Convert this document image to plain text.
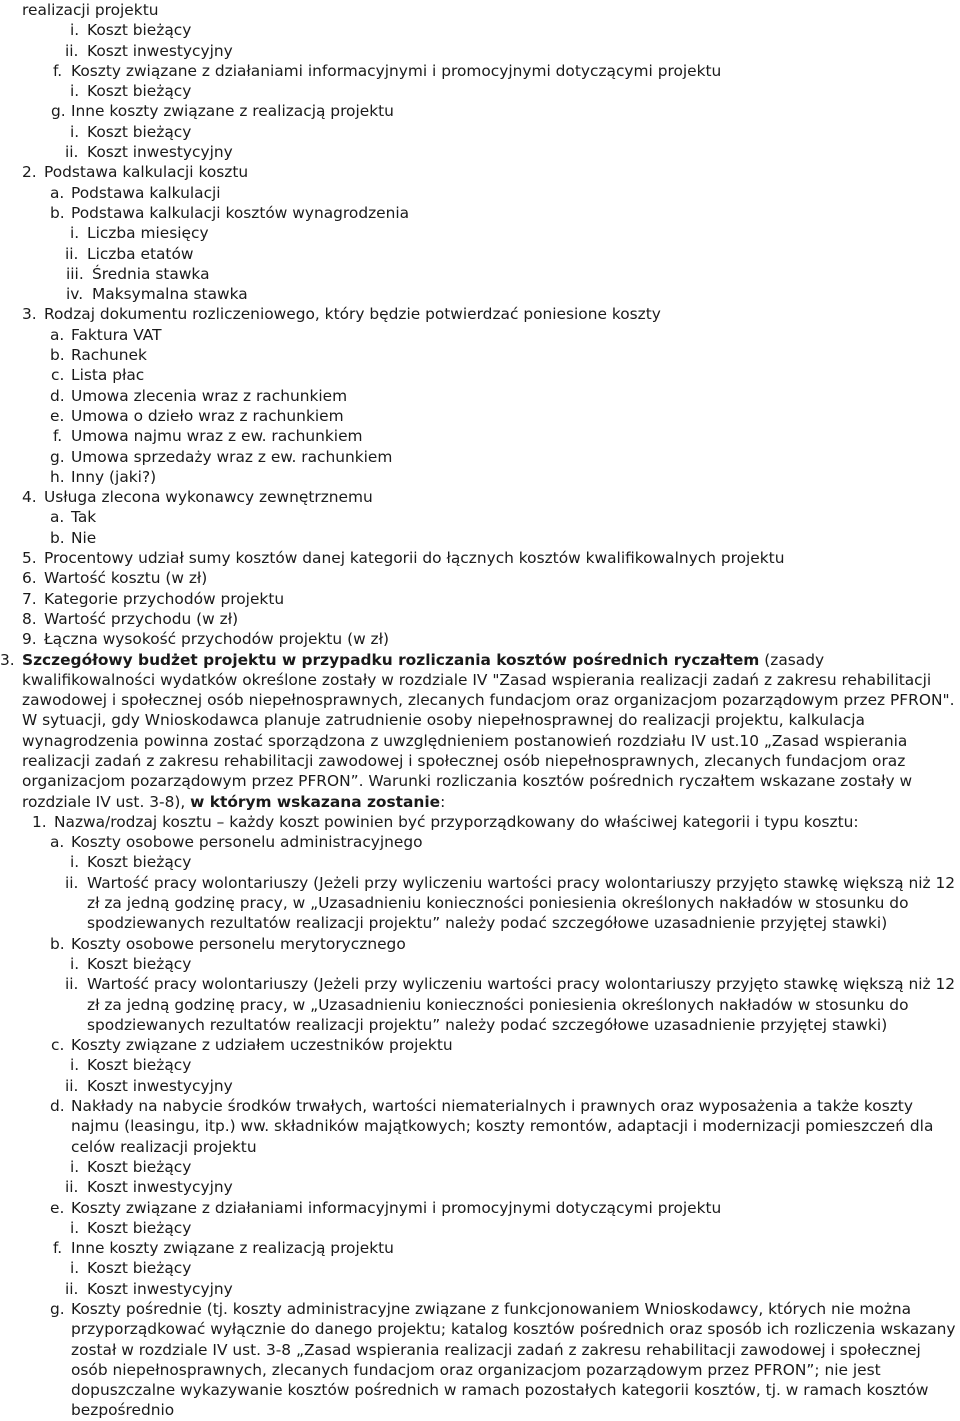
realizacji projektu
i. Koszt bieżący
ii. Koszt inwestycyjny
f. Koszty związane z działaniami informacyjnymi i promocyjnymi dotyczącymi projektu
i. Koszt bieżący
g. Inne koszty związane z realizacją projektu
i. Koszt bieżący
ii. Koszt inwestycyjny
2. Podstawa kalkulacji kosztu
a. Podstawa kalkulacji
b. Podstawa kalkulacji kosztów wynagrodzenia
i. Liczba miesięcy
ii. Liczba etatów
iii. Średnia stawka
iv. Maksymalna stawka
3. Rodzaj dokumentu rozliczeniowego, który będzie potwierdzać poniesione koszty
a. Faktura VAT
b. Rachunek
c. Lista płac
d. Umowa zlecenia wraz z rachunkiem
e. Umowa o dzieło wraz z rachunkiem
f. Umowa najmu wraz z ew. rachunkiem
g. Umowa sprzedaży wraz z ew. rachunkiem
h. Inny (jaki?)
4. Usługa zlecona wykonawcy zewnętrznemu
a. Tak
b. Nie
5. Procentowy udział sumy kosztów danej kategorii do łącznych kosztów kwalifikowalnych projektu
6. Wartość kosztu (w zł)
7. Kategorie przychodów projektu
8. Wartość przychodu (w zł)
9. Łączna wysokość przychodów projektu (w zł)
3. Szczegółowy budżet projektu w przypadku rozliczania kosztów pośrednich ryczałtem (zasady kwalifikowalności wydatków określone zostały w rozdziale IV "Zasad wspierania realizacji zadań z zakresu rehabilitacji zawodowej i społecznej osób niepełnosprawnych, zlecanych fundacjom oraz organizacjom pozarządowym przez PFRON". W sytuacji, gdy Wnioskodawca planuje zatrudnienie osoby niepełnosprawnej do realizacji projektu, kalkulacja wynagrodzenia powinna zostać sporządzona z uwzględnieniem postanowień rozdziału IV ust.10 „Zasad wspierania realizacji zadań z zakresu rehabilitacji zawodowej i społecznej osób niepełnosprawnych, zlecanych fundacjom oraz organizacjom pozarządowym przez PFRON”. Warunki rozliczania kosztów pośrednich ryczałtem wskazane zostały w rozdziale IV ust. 3-8), w którym wskazana zostanie:
1. Nazwa/rodzaj kosztu – każdy koszt powinien być przyporządkowany do właściwej kategorii i typu kosztu:
a. Koszty osobowe personelu administracyjnego
i. Koszt bieżący
ii. Wartość pracy wolontariuszy (Jeżeli przy wyliczeniu wartości pracy wolontariuszy przyjęto stawkę większą niż 12 zł za jedną godzinę pracy, w „Uzasadnieniu konieczności poniesienia określonych nakładów w stosunku do spodziewanych rezultatów realizacji projektu” należy podać szczegółowe uzasadnienie przyjętej stawki)
b. Koszty osobowe personelu merytorycznego
i. Koszt bieżący
ii. Wartość pracy wolontariuszy (Jeżeli przy wyliczeniu wartości pracy wolontariuszy przyjęto stawkę większą niż 12 zł za jedną godzinę pracy, w „Uzasadnieniu konieczności poniesienia określonych nakładów w stosunku do spodziewanych rezultatów realizacji projektu” należy podać szczegółowe uzasadnienie przyjętej stawki)
c. Koszty związane z udziałem uczestników projektu
i. Koszt bieżący
ii. Koszt inwestycyjny
d. Nakłady na nabycie środków trwałych, wartości niematerialnych i prawnych oraz wyposażenia a także koszty najmu (leasingu, itp.) ww. składników majątkowych; koszty remontów, adaptacji i modernizacji pomieszczeń dla celów realizacji projektu
i. Koszt bieżący
ii. Koszt inwestycyjny
e. Koszty związane z działaniami informacyjnymi i promocyjnymi dotyczącymi projektu
i. Koszt bieżący
f. Inne koszty związane z realizacją projektu
i. Koszt bieżący
ii. Koszt inwestycyjny
g. Koszty pośrednie (tj. koszty administracyjne związane z funkcjonowaniem Wnioskodawcy, których nie można przyporządkować wyłącznie do danego projektu; katalog kosztów pośrednich oraz sposób ich rozliczenia wskazany został w rozdziale IV ust. 3-8 „Zasad wspierania realizacji zadań z zakresu rehabilitacji zawodowej i społecznej osób niepełnosprawnych, zlecanych fundacjom oraz organizacjom pozarządowym przez PFRON”; nie jest dopuszczalne wykazywanie kosztów pośrednich w ramach pozostałych kategorii kosztów, tj. w ramach kosztów bezpośrednio
